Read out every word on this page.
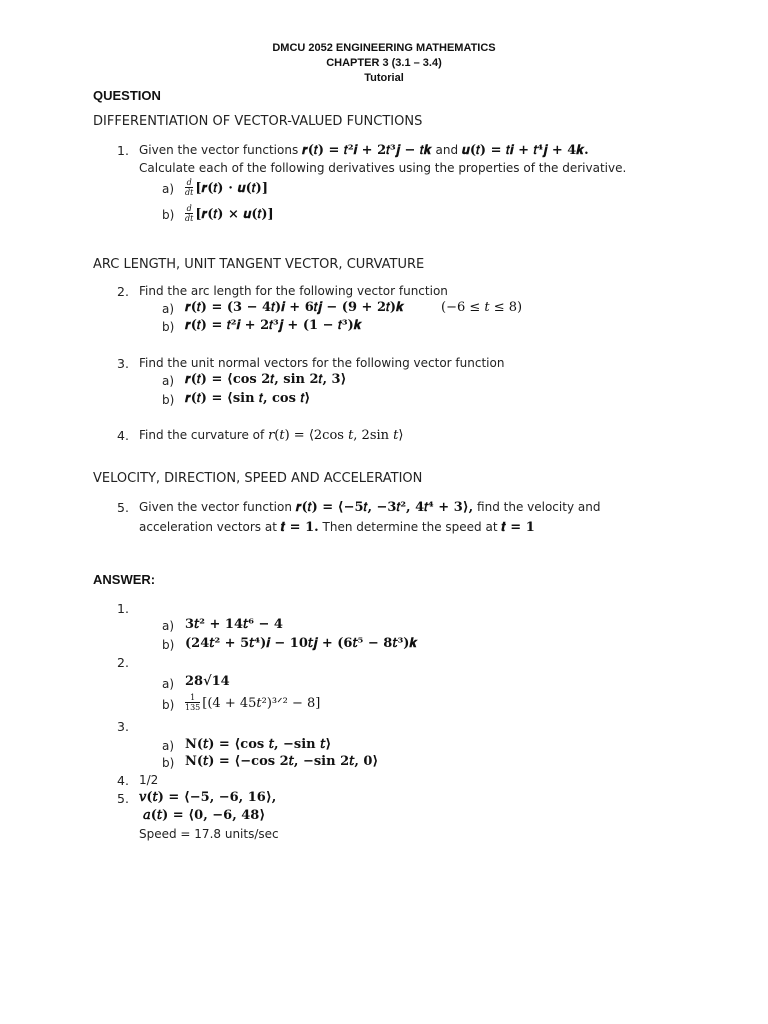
DMCU 2052 ENGINEERING MATHEMATICS
CHAPTER 3 (3.1 – 3.4)
Tutorial
QUESTION
DIFFERENTIATION OF VECTOR-VALUED FUNCTIONS
1. Given the vector functions 𝒓(𝑡) = 𝑡²𝒊 + 2𝑡³𝒋 − 𝑡𝒌 and 𝒖(𝑡) = 𝑡𝒊 + 𝑡⁴𝒋 + 4𝒌.
Calculate each of the following derivatives using the properties of the derivative.
$a) \frac{\text{𝑑}}{\text{𝑑𝑡}}$ [𝒓(𝑡) ⋅ 𝒖(𝑡)]
$b) \frac{\text{𝑑}}{\text{𝑑𝑡}}$ [𝒓(𝑡) × 𝒖(𝑡)]
ARC LENGTH, UNIT TANGENT VECTOR, CURVATURE
2. Find the arc length for the following vector function
a) 𝒓(𝑡) = (3 − 4𝑡)𝒊 + 6𝑡𝒋 − (9 + 2𝑡)𝒌	(−6 ≤ 𝑡 ≤ 8)
b) 𝒓(𝑡) = 𝑡²𝒊 + 2𝑡³𝒋 + (1 − 𝑡³)𝒌
3. Find the unit normal vectors for the following vector function
a) 𝒓(𝑡) = ⟨cos 2𝑡, sin 2𝑡, 3⟩
b) 𝒓(𝑡) = ⟨sin 𝑡, cos 𝑡⟩
4. Find the curvature of 𝑟(𝑡) = ⟨2cos 𝑡, 2sin 𝑡⟩
VELOCITY, DIRECTION, SPEED AND ACCELERATION
5. Given the vector function 𝒓(𝑡) = ⟨−5𝑡, −3𝑡², 4𝑡⁴ + 3⟩, find the velocity and
acceleration vectors at 𝒕 = 𝟏. Then determine the speed at 𝒕 = 𝟏
ANSWER:
1.
a) 3𝑡² + 14𝑡⁶ − 4
b) (24𝑡² + 5𝑡⁴)𝒊 − 10𝑡𝒋 + (6𝑡⁵ − 8𝑡³)𝒌
2.
a) 28√14
$b) \frac{1}{135} [(4$ + 45𝑡²)³ᐟ² − 8]
3.
a) 𝐍(𝑡) = ⟨cos 𝑡, −sin 𝑡⟩
b) 𝐍(𝑡) = ⟨−cos 2𝑡, −sin 2𝑡, 0⟩
4. 1/2
5. 𝑣(𝑡) = ⟨−5, −6, 16⟩,
𝑎(𝑡) = ⟨0, −6, 48⟩
Speed = 17.8 units/sec
